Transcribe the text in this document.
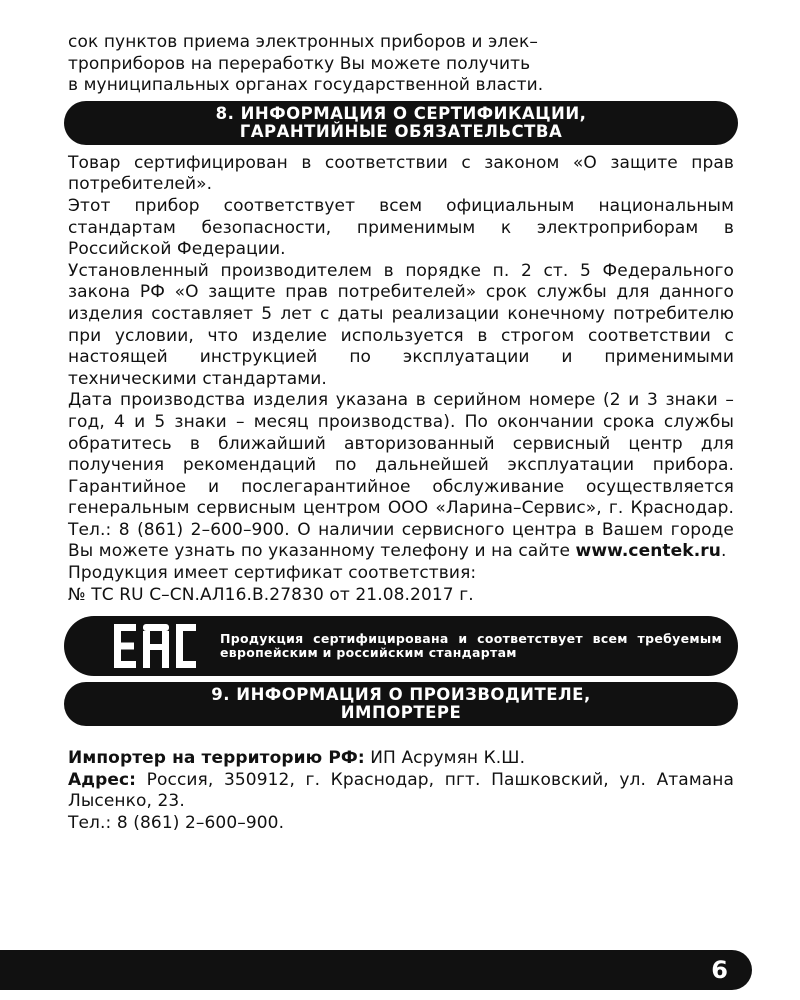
сок пунктов приема электронных приборов и элек–
троприборов на переработку Вы можете получить
в муниципальных органах государственной власти.

8. ИНФОРМАЦИЯ О СЕРТИФИКАЦИИ,
ГАРАНТИЙНЫЕ ОБЯЗАТЕЛЬСТВА

Товар сертифицирован в соответствии с законом «О защите прав потребителей».

Этот прибор соответствует всем официальным национальным стандартам безопасности, применимым к электроприборам в Российской Федерации.

Установленный производителем в порядке п. 2 ст. 5 Федерального закона РФ «О защите прав потребителей» срок службы для данного изделия составляет 5 лет с даты реализации конечному потребителю при условии, что изделие используется в строгом соответствии с настоящей инструкцией по эксплуатации и применимыми техническими стандартами.

Дата производства изделия указана в серийном номере (2 и 3 знаки – год, 4 и 5 знаки – месяц производства). По окончании срока службы обратитесь в ближайший авторизованный сервисный центр для получения рекомендаций по дальнейшей эксплуатации прибора. Гарантийное и послегарантийное обслуживание осуществляется генеральным сервисным центром ООО «Ларина–Сервис», г. Краснодар. Тел.: 8 (861) 2–600–900. О наличии сервисного центра в Вашем городе Вы можете узнать по указанному телефону и на сайте www.centek.ru.

Продукция имеет сертификат соответствия:

№ ТС RU С–CN.АЛ16.В.27830 от 21.08.2017 г.

Продукция сертифицирована и соответствует всем требуемым европейским и российским стандартам
9. ИНФОРМАЦИЯ О ПРОИЗВОДИТЕЛЕ,
ИМПОРТЕРЕ
Импортер на территорию РФ: ИП Асрумян К.Ш.
Адрес: Россия, 350912, г. Краснодар, пгт. Пашковский, ул. Атамана Лысенко, 23.
Тел.: 8 (861) 2–600–900.
6
